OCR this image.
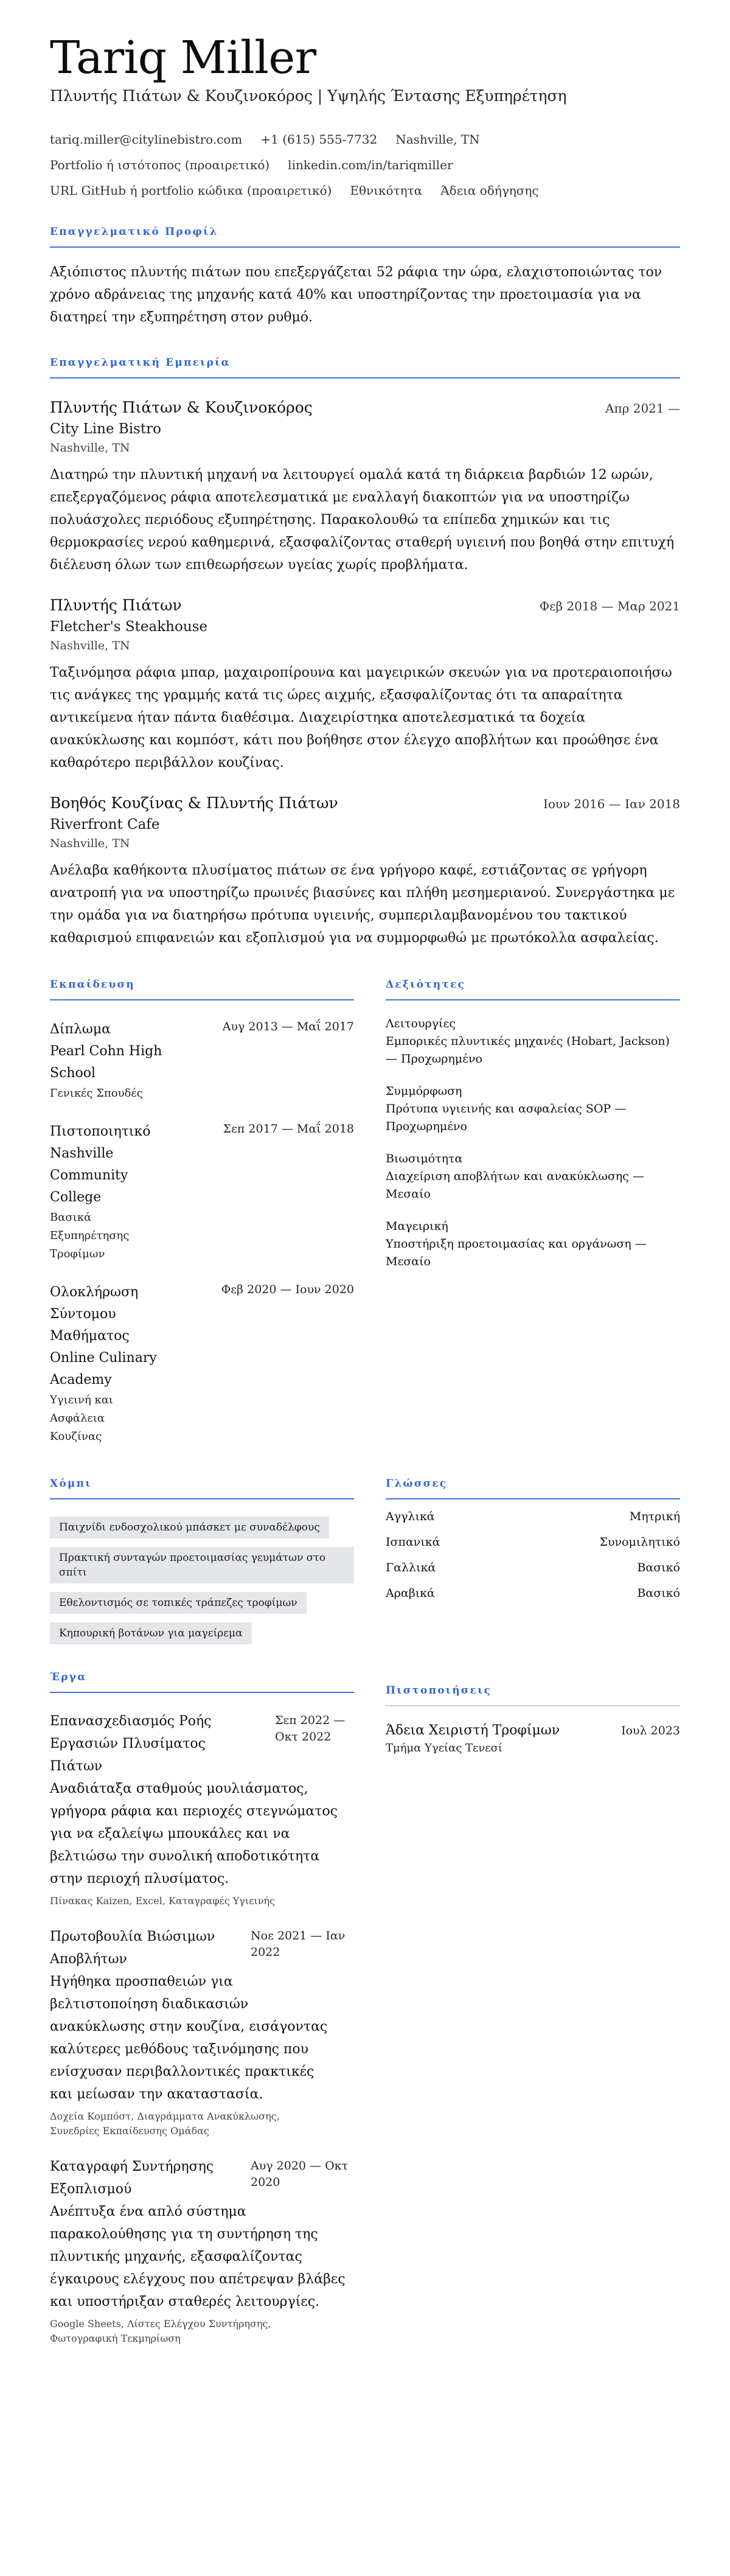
Tariq Miller
Πλυντής Πιάτων & Κουζινοκόρος | Υψηλής Έντασης Εξυπηρέτηση
tariq.miller@citylinebistro.com +1 (615) 555-7732 Nashville, TN
Portfolio ή ιστότοπος (προαιρετικό) linkedin.com/in/tariqmiller
URL GitHub ή portfolio κώδικα (προαιρετικό) Εθνικότητα Άδεια οδήγησης
Επαγγελματικό Προφίλ

Αξιόπιστος πλυντής πιάτων που επεξεργάζεται 52 ράφια την ώρα, ελαχιστοποιώντας τον χρόνο αδράνειας της μηχανής κατά 40% και υποστηρίζοντας την προετοιμασία για να διατηρεί την εξυπηρέτηση στον ρυθμό.

Επαγγελματική Εμπειρία
Πλυντής Πιάτων & Κουζινοκόρος	Απρ 2021 —
City Line Bistro
Nashville, TN

Διατηρώ την πλυντική μηχανή να λειτουργεί ομαλά κατά τη διάρκεια βαρδιών 12 ωρών, επεξεργαζόμενος ράφια αποτελεσματικά με εναλλαγή διακοπτών για να υποστηρίζω πολυάσχολες περιόδους εξυπηρέτησης. Παρακολουθώ τα επίπεδα χημικών και τις θερμοκρασίες νερού καθημερινά, εξασφαλίζοντας σταθερή υγιεινή που βοηθά στην επιτυχή διέλευση όλων των επιθεωρήσεων υγείας χωρίς προβλήματα.

Πλυντής Πιάτων	Φεβ 2018 — Μαρ 2021
Fletcher's Steakhouse
Nashville, TN

Ταξινόμησα ράφια μπαρ, μαχαιροπίρουνα και μαγειρικών σκευών για να προτεραιοποιήσω τις ανάγκες της γραμμής κατά τις ώρες αιχμής, εξασφαλίζοντας ότι τα απαραίτητα αντικείμενα ήταν πάντα διαθέσιμα. Διαχειρίστηκα αποτελεσματικά τα δοχεία ανακύκλωσης και κομπόστ, κάτι που βοήθησε στον έλεγχο αποβλήτων και προώθησε ένα καθαρότερο περιβάλλον κουζίνας.

Βοηθός Κουζίνας & Πλυντής Πιάτων	Ιουν 2016 — Ιαν 2018
Riverfront Cafe
Nashville, TN

Ανέλαβα καθήκοντα πλυσίματος πιάτων σε ένα γρήγορο καφέ, εστιάζοντας σε γρήγορη ανατροπή για να υποστηρίζω πρωινές βιασύνες και πλήθη μεσημεριανού. Συνεργάστηκα με την ομάδα για να διατηρήσω πρότυπα υγιεινής, συμπεριλαμβανομένου του τακτικού καθαρισμού επιφανειών και εξοπλισμού για να συμμορφωθώ με πρωτόκολλα ασφαλείας.

Εκπαίδευση
Δίπλωμα
Pearl Cohn High School
Γενικές Σπουδές
Αυγ 2013 — Μαΐ 2017
Πιστοποιητικό
Nashville Community College
Βασικά Εξυπηρέτησης Τροφίμων
Σεπ 2017 — Μαΐ 2018
Ολοκλήρωση Σύντομου Μαθήματος
Online Culinary Academy
Υγιεινή και Ασφάλεια Κουζίνας
Φεβ 2020 — Ιουν 2020
Δεξιότητες
Λειτουργίες
Εμπορικές πλυντικές μηχανές (Hobart, Jackson) — Προχωρημένο
Συμμόρφωση
Πρότυπα υγιεινής και ασφαλείας SOP — Προχωρημένο
Βιωσιμότητα
Διαχείριση αποβλήτων και ανακύκλωσης — Μεσαίο
Μαγειρική
Υποστήριξη προετοιμασίας και οργάνωση — Μεσαίο
Χόμπι
Παιχνίδι ενδοσχολικού μπάσκετ με συναδέλφους
Πρακτική συνταγών προετοιμασίας γευμάτων στο σπίτι
Εθελοντισμός σε τοπικές τράπεζες τροφίμων
Κηπουρική βοτάνων για μαγείρεμα
Γλώσσες
Αγγλικά	Μητρική
Ισπανικά	Συνομιλητικό
Γαλλικά	Βασικό
Αραβικά	Βασικό
Έργα
Επανασχεδιασμός Ροής Εργασιών Πλυσίματος Πιάτων
Σεπ 2022 — Οκτ 2022

Αναδιάταξα σταθμούς μουλιάσματος, γρήγορα ράφια και περιοχές στεγνώματος για να εξαλείψω μπουκάλες και να βελτιώσω την συνολική αποδοτικότητα στην περιοχή πλυσίματος.

Πίνακας Kaizen, Excel, Καταγραφές Υγιεινής
Πρωτοβουλία Βιώσιμων Αποβλήτων
Νοε 2021 — Ιαν 2022

Ηγήθηκα προσπαθειών για βελτιστοποίηση διαδικασιών ανακύκλωσης στην κουζίνα, εισάγοντας καλύτερες μεθόδους ταξινόμησης που ενίσχυσαν περιβαλλοντικές πρακτικές και μείωσαν την ακαταστασία.

Δοχεία Κομπόστ, Διαγράμματα Ανακύκλωσης, Συνεδρίες Εκπαίδευσης Ομάδας
Καταγραφή Συντήρησης Εξοπλισμού
Αυγ 2020 — Οκτ 2020

Ανέπτυξα ένα απλό σύστημα παρακολούθησης για τη συντήρηση της πλυντικής μηχανής, εξασφαλίζοντας έγκαιρους ελέγχους που απέτρεψαν βλάβες και υποστήριξαν σταθερές λειτουργίες.

Google Sheets, Λίστες Ελέγχου Συντήρησης, Φωτογραφική Τεκμηρίωση
Πιστοποιήσεις
Άδεια Χειριστή Τροφίμων	Ιουλ 2023
Τμήμα Υγείας Τενεσί
